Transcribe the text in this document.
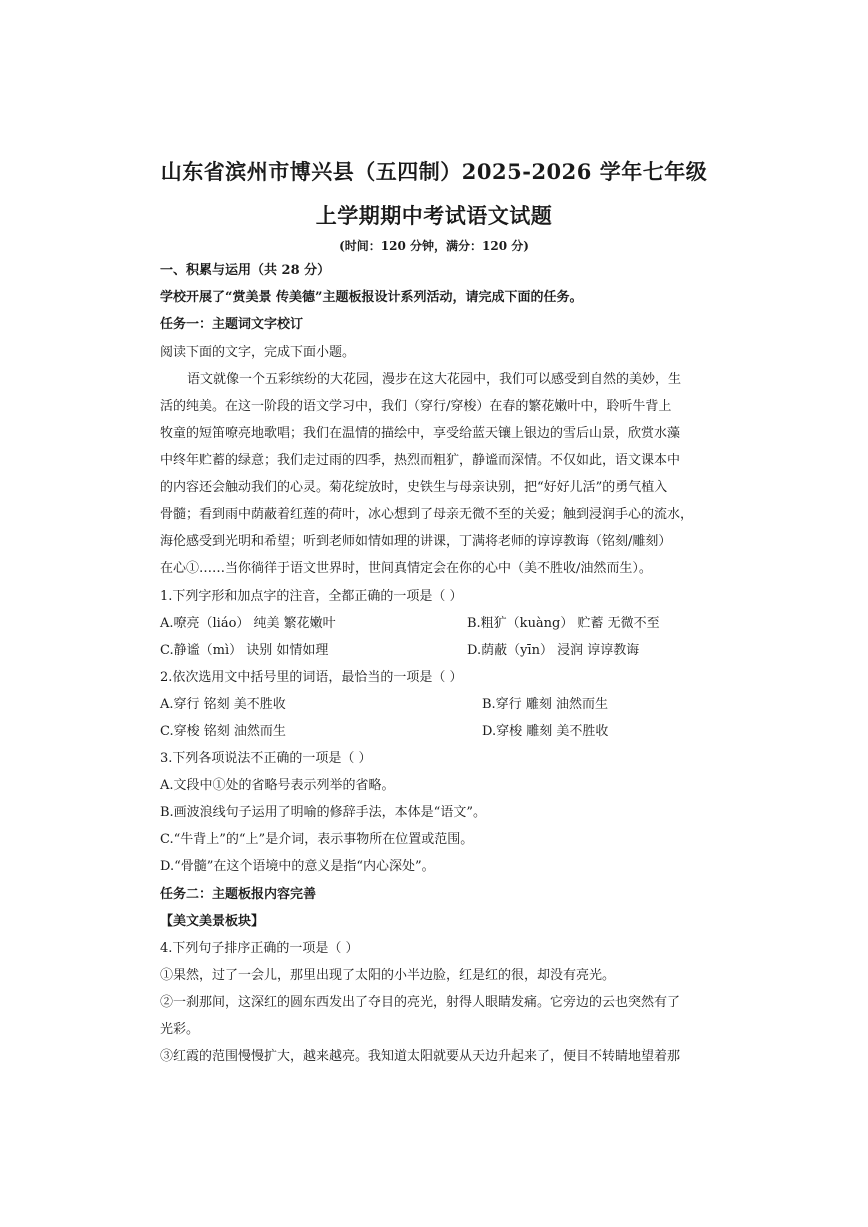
山东省滨州市博兴县（五四制）2025-2026 学年七年级
上学期期中考试语文试题
(时间：120 分钟，满分：120 分)
一、积累与运用（共 28 分）
学校开展了“赏美景 传美德”主题板报设计系列活动，请完成下面的任务。
任务一：主题词文字校订
阅读下面的文字，完成下面小题。
语文就像一个五彩缤纷的大花园，漫步在这大花园中，我们可以感受到自然的美妙，生
活的纯美。在这一阶段的语文学习中，我们（穿行/穿梭）在春的繁花嫩叶中，聆听牛背上
牧童的短笛嘹亮地歌唱；我们在温情的描绘中，享受给蓝天镶上银边的雪后山景，欣赏水藻
中终年贮蓄的绿意；我们走过雨的四季，热烈而粗犷，静谧而深情。不仅如此，语文课本中
的内容还会触动我们的心灵。菊花绽放时，史铁生与母亲诀别，把“好好儿活”的勇气植入
骨髓；看到雨中荫蔽着红莲的荷叶，冰心想到了母亲无微不至的关爱；触到浸润手心的流水，
海伦感受到光明和希望；听到老师如情如理的讲课，丁满将老师的谆谆教诲（铭刻/雕刻）
在心①……当你徜徉于语文世界时，世间真情定会在你的心中（美不胜收/油然而生）。
1.下列字形和加点字的注音，全都正确的一项是（ ）
A.嘹亮（liáo） 纯美 繁花嫩叶	B.粗犷（kuàng） 贮蓄 无微不至
C.静谧（mì） 诀别 如情如理	D.荫蔽（yīn） 浸润 谆谆教诲
2.依次选用文中括号里的词语，最恰当的一项是（ ）
A.穿行 铭刻 美不胜收	B.穿行 雕刻 油然而生
C.穿梭 铭刻 油然而生	D.穿梭 雕刻 美不胜收
3.下列各项说法不正确的一项是（ ）
A.文段中①处的省略号表示列举的省略。
B.画波浪线句子运用了明喻的修辞手法，本体是“语文”。
C.“牛背上”的“上”是介词，表示事物所在位置或范围。
D.“骨髓”在这个语境中的意义是指“内心深处”。
任务二：主题板报内容完善
【美文美景板块】
4.下列句子排序正确的一项是（ ）
①果然，过了一会儿，那里出现了太阳的小半边脸，红是红的很，却没有亮光。
②一刹那间，这深红的圆东西发出了夺目的亮光，射得人眼睛发痛。它旁边的云也突然有了
光彩。
③红霞的范围慢慢扩大，越来越亮。我知道太阳就要从天边升起来了，便目不转睛地望着那
